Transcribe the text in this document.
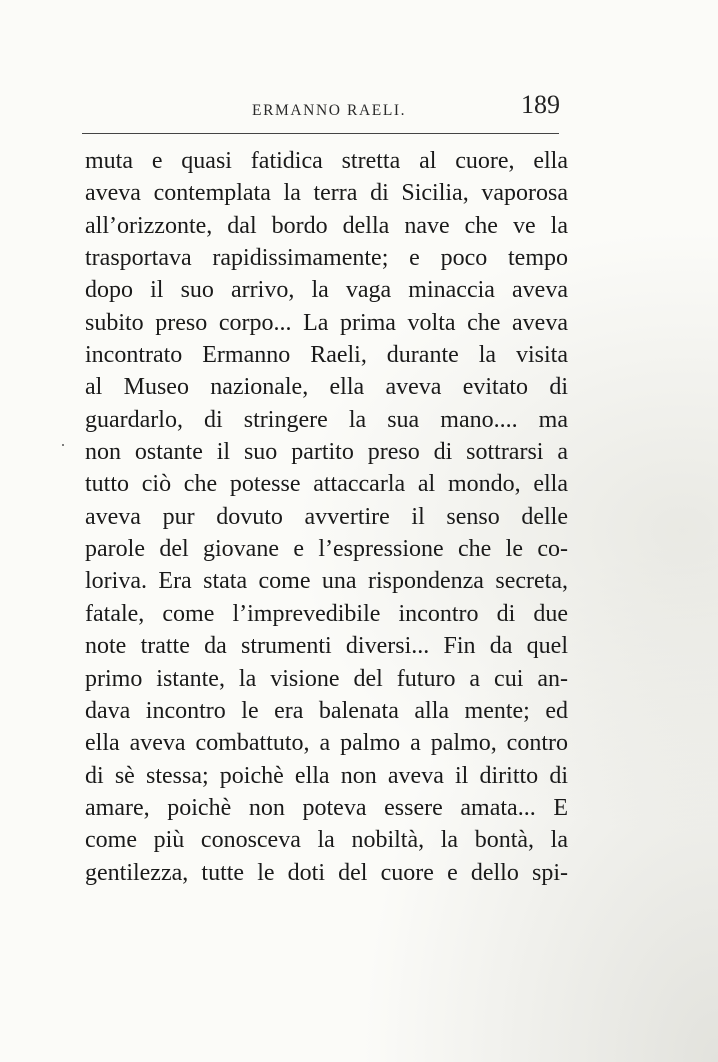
ERMANNO RAELI.	189
muta e quasi fatidica stretta al cuore, ella
aveva contemplata la terra di Sicilia, vaporosa
all’orizzonte, dal bordo della nave che ve la
trasportava rapidissimamente; e poco tempo
dopo il suo arrivo, la vaga minaccia aveva
subito preso corpo... La prima volta che aveva
incontrato Ermanno Raeli, durante la visita
al Museo nazionale, ella aveva evitato di
guardarlo, di stringere la sua mano.... ma
non ostante il suo partito preso di sottrarsi a
tutto ciò che potesse attaccarla al mondo, ella
aveva pur dovuto avvertire il senso delle
parole del giovane e l’espressione che le co-
loriva. Era stata come una rispondenza secreta,
fatale, come l’imprevedibile incontro di due
note tratte da strumenti diversi... Fin da quel
primo istante, la visione del futuro a cui an-
dava incontro le era balenata alla mente; ed
ella aveva combattuto, a palmo a palmo, contro
di sè stessa; poichè ella non aveva il diritto di
amare, poichè non poteva essere amata... E
come più conosceva la nobiltà, la bontà, la
gentilezza, tutte le doti del cuore e dello spi-
